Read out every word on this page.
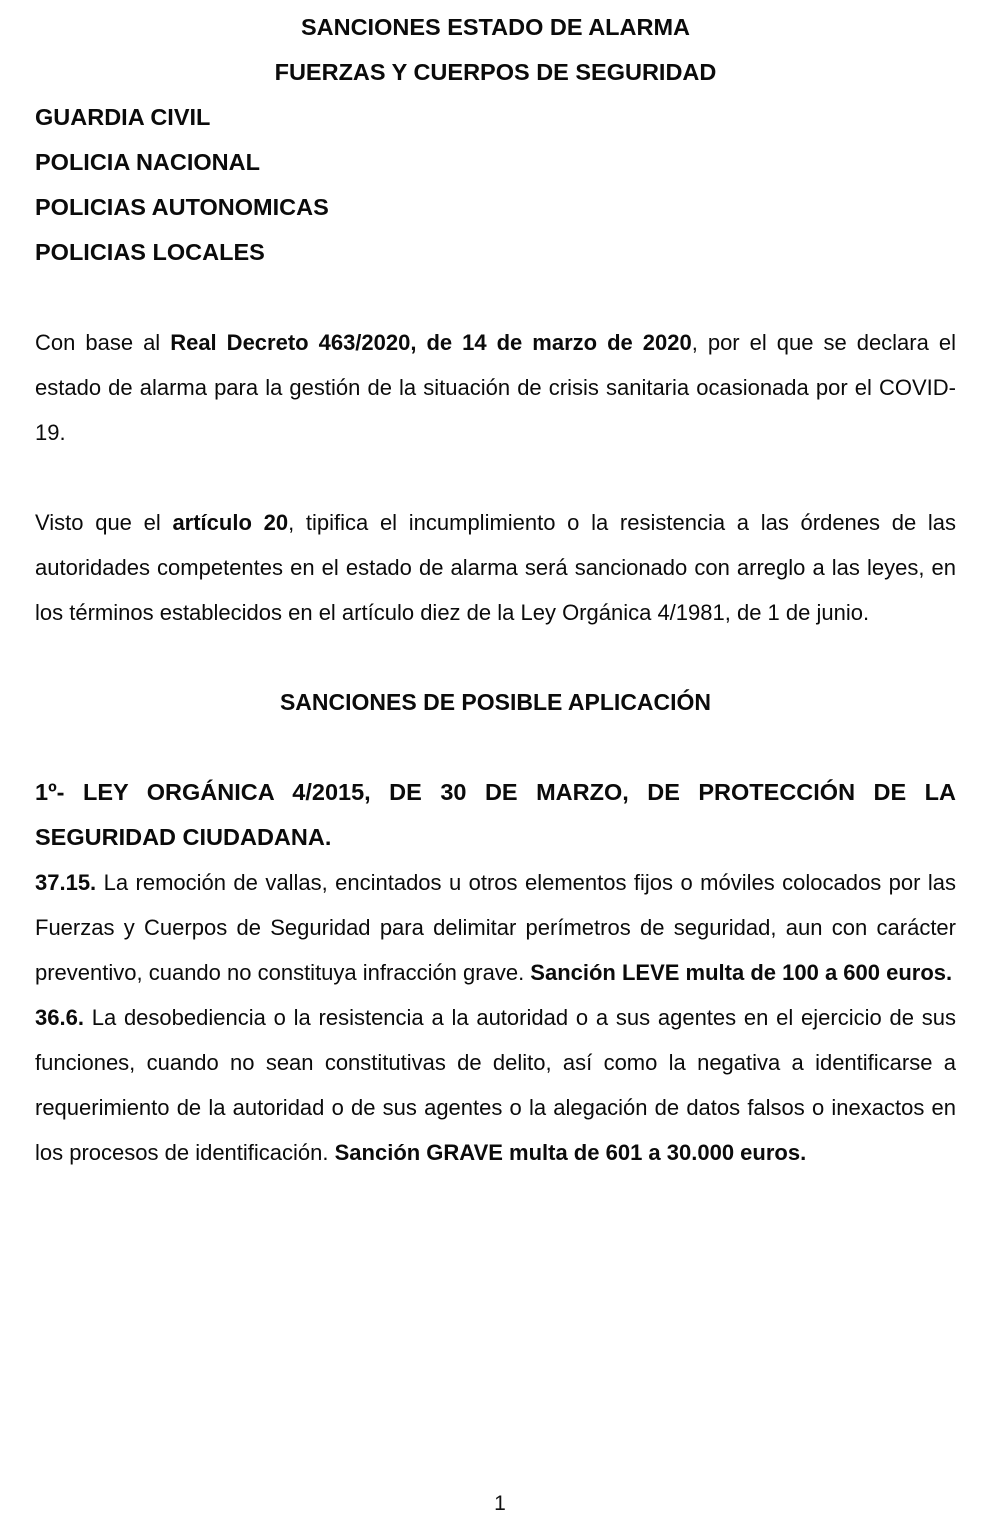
SANCIONES ESTADO DE ALARMA
FUERZAS Y CUERPOS DE SEGURIDAD
GUARDIA CIVIL
POLICIA NACIONAL
POLICIAS AUTONOMICAS
POLICIAS LOCALES

Con base al Real Decreto 463/2020, de 14 de marzo de 2020, por el que se declara el estado de alarma para la gestión de la situación de crisis sanitaria ocasionada por el COVID-19.

Visto que el artículo 20, tipifica el incumplimiento o la resistencia a las órdenes de las autoridades competentes en el estado de alarma será sancionado con arreglo a las leyes, en los términos establecidos en el artículo diez de la Ley Orgánica 4/1981, de 1 de junio.

SANCIONES DE POSIBLE APLICACIÓN
1º- LEY ORGÁNICA 4/2015, DE 30 DE MARZO, DE PROTECCIÓN DE LA SEGURIDAD CIUDADANA.

37.15. La remoción de vallas, encintados u otros elementos fijos o móviles colocados por las Fuerzas y Cuerpos de Seguridad para delimitar perímetros de seguridad, aun con carácter preventivo, cuando no constituya infracción grave. Sanción LEVE multa de 100 a 600 euros.

36.6. La desobediencia o la resistencia a la autoridad o a sus agentes en el ejercicio de sus funciones, cuando no sean constitutivas de delito, así como la negativa a identificarse a requerimiento de la autoridad o de sus agentes o la alegación de datos falsos o inexactos en los procesos de identificación. Sanción GRAVE multa de 601 a 30.000 euros.

1
